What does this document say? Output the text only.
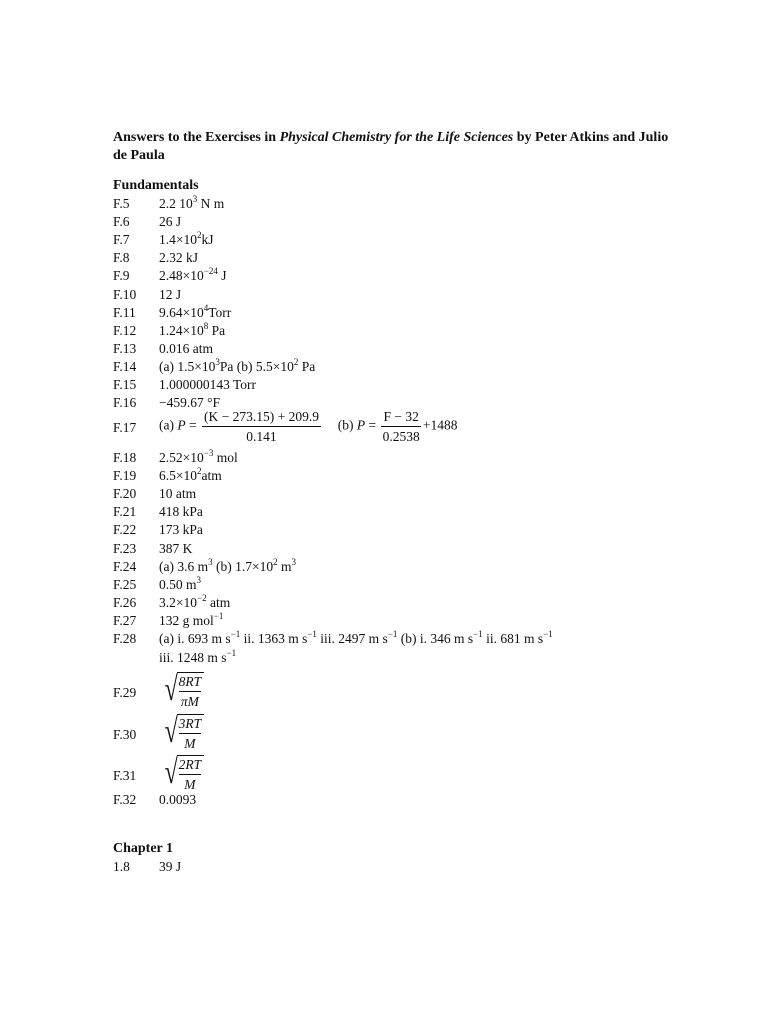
Answers to the Exercises in Physical Chemistry for the Life Sciences by Peter Atkins and Julio de Paula
Fundamentals
F.5 2.2 $10^3$ N m
F.6 26 J
F.7 $1.4\times 10^2kJ$
F.8 2.32 kJ
F.9 $2.48\times 10^{-24}$ J
F.10 12 J
F.11 $9.64\times 10^4Torr$
F.12 $1.24\times 10^8$ Pa
F.13 0.016 atm
F.14 (a) $1.5\times 10^3Pa$ (b) $5.5\times 10^2$ Pa
F.15 1.000000143 Torr
F.16 −459.67 °F
F.17 (a) $P = \frac{(K - 273.15) + 209.9}{0.141} (b) P = \frac{F - 32}{0.2538} +1488$
F.18 $2.52\times 10^{-3}$ mol
F.19 $6.5\times 10^2atm$
F.20 10 atm
F.21 418 kPa
F.22 173 kPa
F.23 387 K
F.24 (a) 3.6 $m^3$ (b) $1.7\times 10^2$ $m^3$
F.25 0.50 $m^3$
F.26 $3.2\times 10^{-2}$ atm
F.27 132 g mol$^{-1}$
F.28 (a) i. 693 m $s^{-1}$ ii. 1363 m $s^{-1}$ iii. 2497 m $s^{-1}$ (b) i. 346 m $s^{-1}$ ii. 681 m $s^{-1}$
iii. 1248 m $s^{-1}$
F.29 √ $\frac{8RT}{\pi M}$
F.30 √ $\frac{3RT}{M}$
F.31 √ $\frac{2RT}{M}$
F.32 0.0093
Chapter 1
1.8 39 J
